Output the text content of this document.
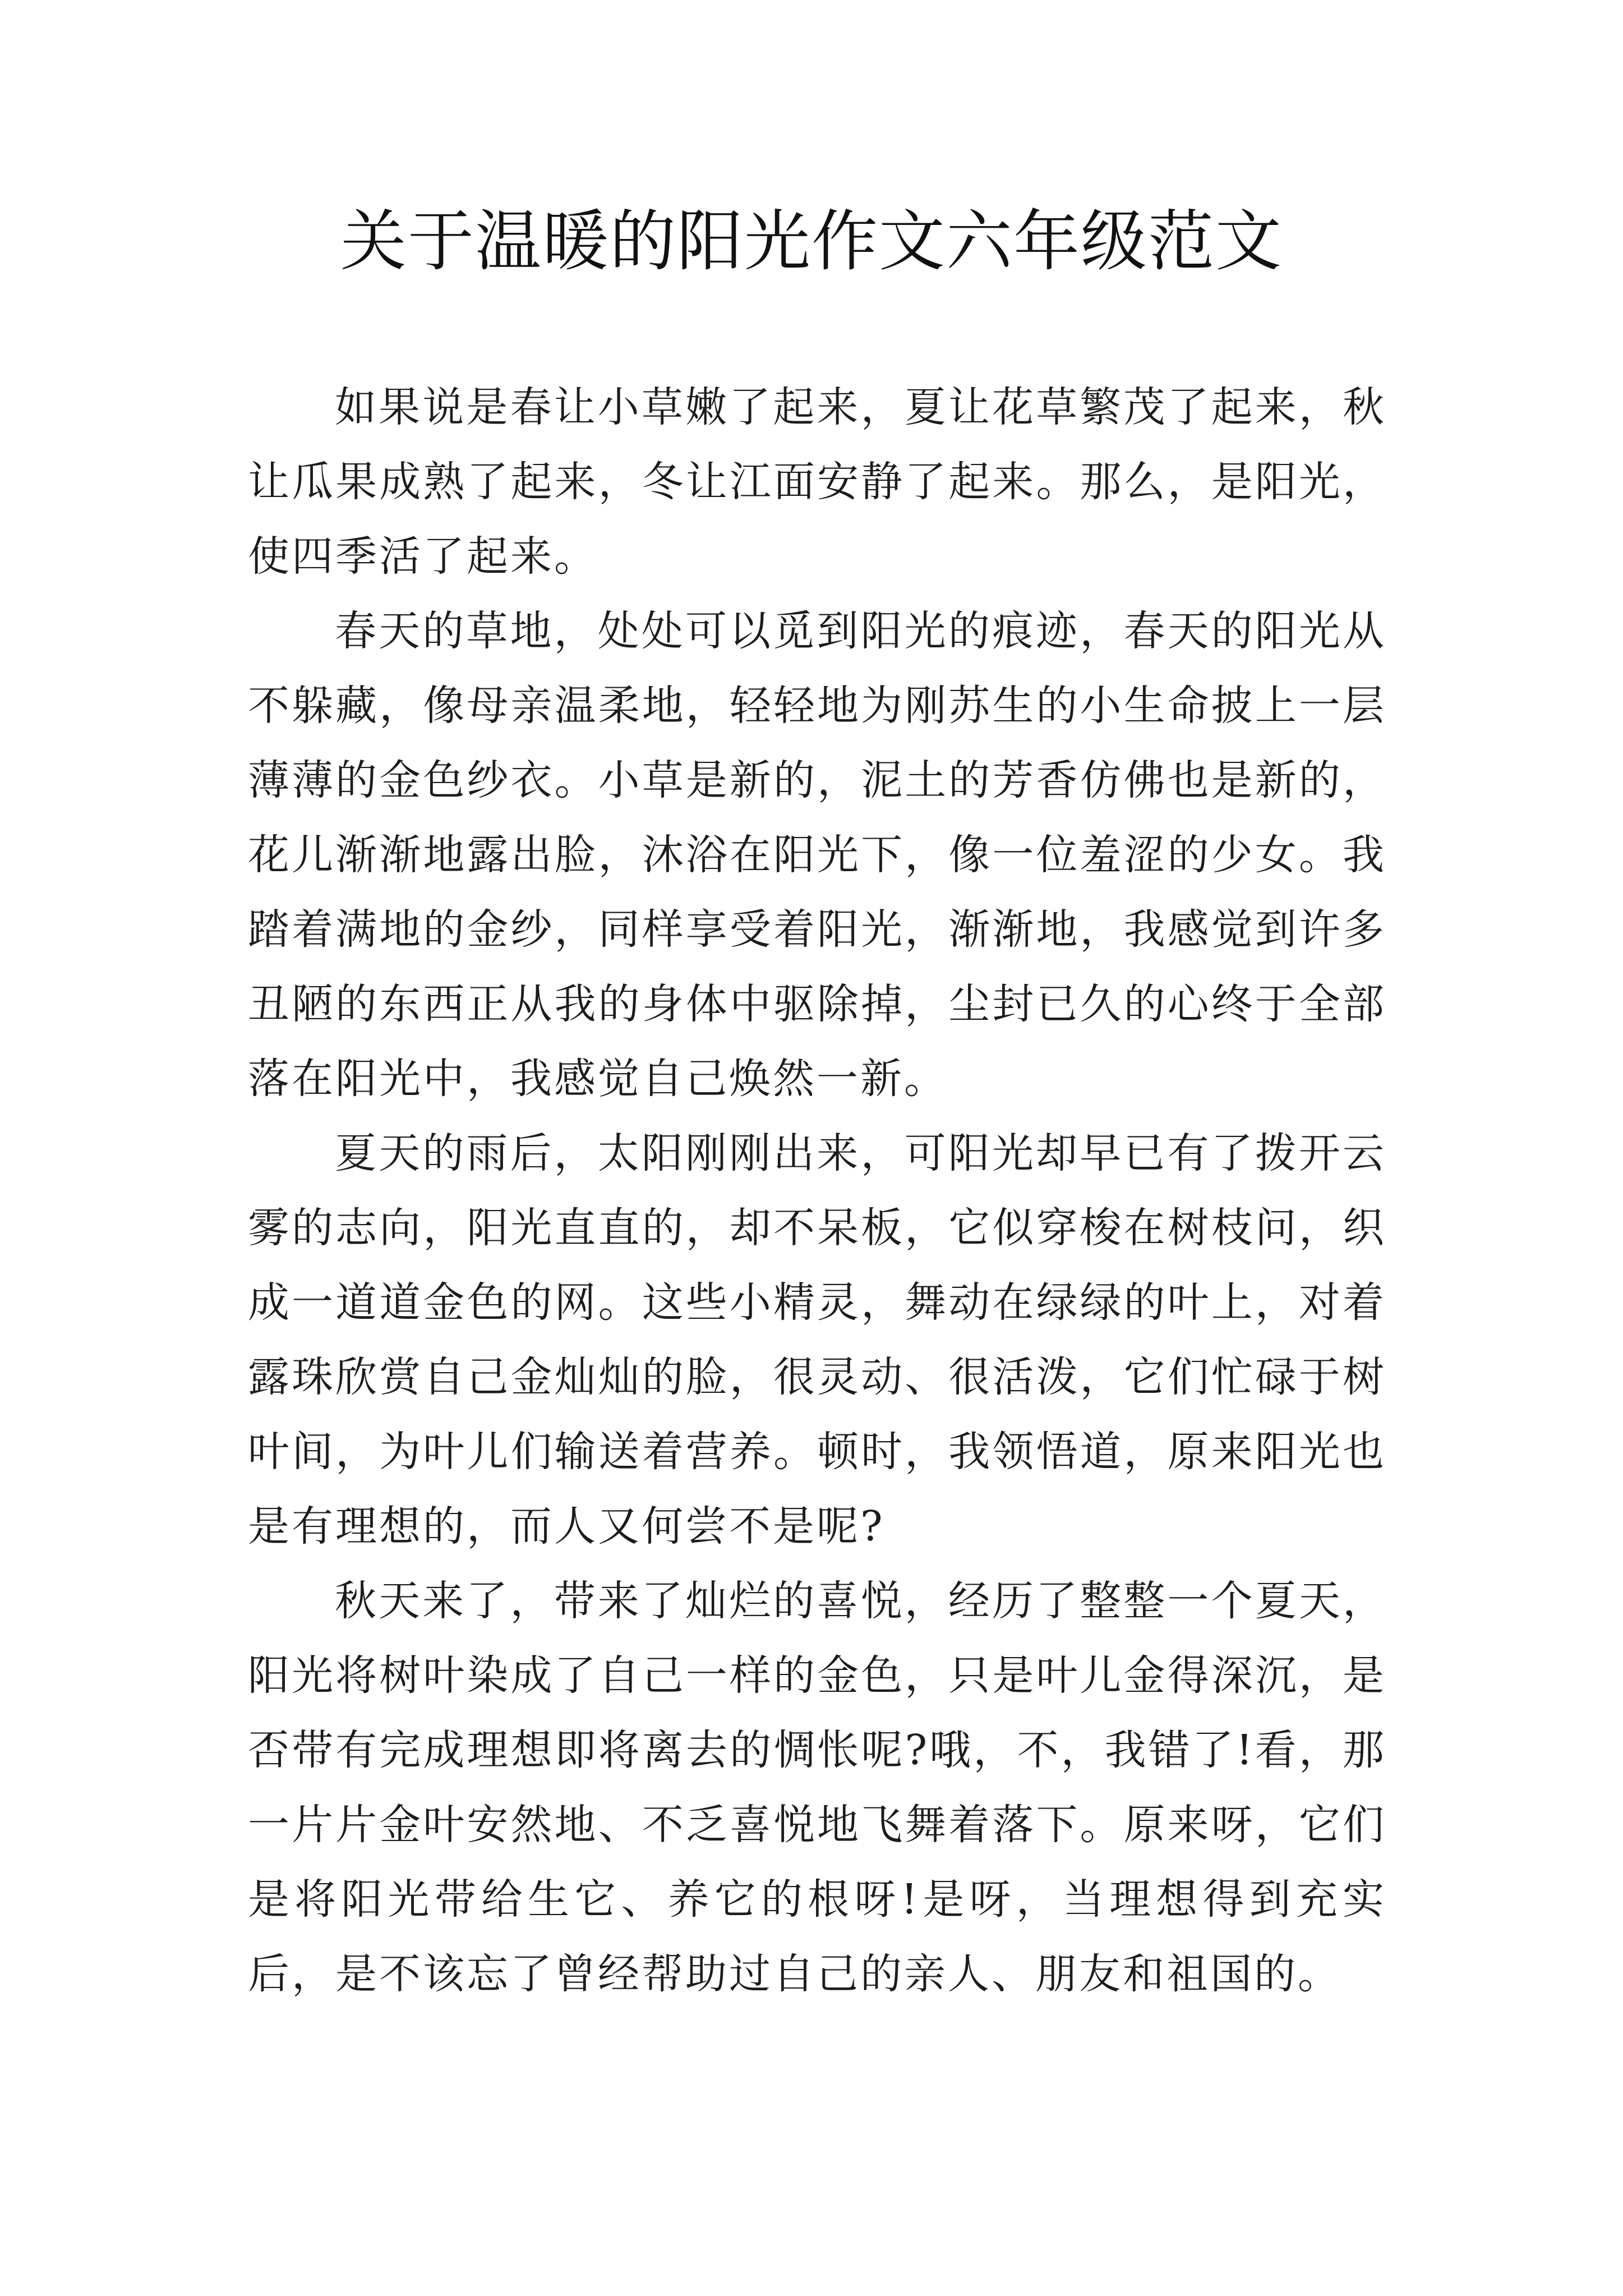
关于温暖的阳光作文六年级范文

如果说是春让小草嫩了起来，夏让花草繁茂了起来，秋让瓜果成熟了起来，冬让江面安静了起来。那么，是阳光，使四季活了起来。

春天的草地，处处可以觅到阳光的痕迹，春天的阳光从不躲藏，像母亲温柔地，轻轻地为刚苏生的小生命披上一层薄薄的金色纱衣。小草是新的，泥土的芳香仿佛也是新的，花儿渐渐地露出脸，沐浴在阳光下，像一位羞涩的少女。我踏着满地的金纱，同样享受着阳光，渐渐地，我感觉到许多丑陋的东西正从我的身体中驱除掉，尘封已久的心终于全部落在阳光中，我感觉自己焕然一新。

夏天的雨后，太阳刚刚出来，可阳光却早已有了拨开云雾的志向，阳光直直的，却不呆板，它似穿梭在树枝问，织成一道道金色的网。这些小精灵，舞动在绿绿的叶上，对着露珠欣赏自己金灿灿的脸，很灵动、很活泼，它们忙碌于树叶间，为叶儿们输送着营养。顿时，我领悟道，原来阳光也是有理想的，而人又何尝不是呢?

秋天来了，带来了灿烂的喜悦，经历了整整一个夏天，阳光将树叶染成了自己一样的金色，只是叶儿金得深沉，是否带有完成理想即将离去的惆怅呢?哦，不，我错了!看，那一片片金叶安然地、不乏喜悦地飞舞着落下。原来呀，它们是将阳光带给生它、养它的根呀!是呀，当理想得到充实后，是不该忘了曾经帮助过自己的亲人、朋友和祖国的。
